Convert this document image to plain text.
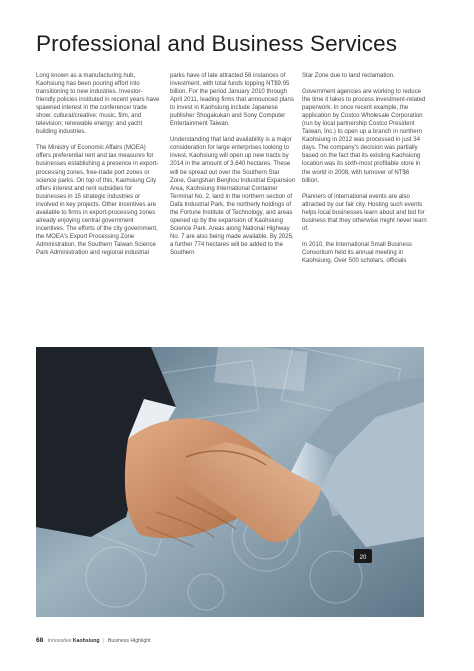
Professional and Business Services

Long known as a manufacturing hub, Kaohsiung has been pouring effort into transitioning to new industries. Investor-friendly policies instituted in recent years have spawned interest in the conference/ trade show; cultural/creative; music, film, and television; renewable energy; and yacht building industries.

The Ministry of Economic Affairs (MOEA) offers preferential rent and tax measures for businesses establishing a presence in export-processing zones, free-trade port zones or science parks. On top of this, Kaohsiung City offers interest and rent subsidies for businesses in 15 strategic industries or involved in key projects. Other incentives are available to firms in export-processing zones already enjoying central government incentives. The efforts of the city government, the MOEA's Export Processing Zone Administration, the Southern Taiwan Science Park Administration and regional industrial

parks have of late attracted 58 instances of investment, with total funds topping NT$9.95 billion. For the period January 2010 through April 2011, leading firms that announced plans to invest in Kaohsiung include Japanese publisher Shogakukan and Sony Computer Entertainment Taiwan.

Understanding that land availability is a major consideration for large enterprises looking to invest, Kaohsiung will open up new tracts by 2014 in the amount of 3,640 hectares. These will be spread out over the Southern Star Zone, Gangshan Benjhou Industrial Expansion Area, Kaohsiung International Container Terminal No. 2, land in the northern section of Dafa Industrial Park, the northerly holdings of the Fortune Institute of Technology, and areas opened up by the expansion of Kaohsiung Science Park. Areas along National Highway No. 7 are also being made available. By 2025, a further 774 hectares will be added to the Southern

Star Zone due to land reclamation.

Government agencies are working to reduce the time it takes to process investment-related paperwork. In once recent example, the application by Costco Wholesale Corporation (run by local partnership Costco President Taiwan, Inc.) to open up a branch in northern Kaohsiung in 2012 was processed in just 34 days. The company's decision was partially based on the fact that its existing Kaohsiung location was its sixth-most profitable store in the world in 2008, with turnover of NT$6 billion.

Planners of international events are also attracted by our fair city. Hosting such events helps local businesses learn about and bid for business that they otherwise might never learn of.

In 2010, the International Small Business Consortium held its annual meeting in Kaohsiung. Over 500 scholars, officials

20
68 Innovative Kaohsiung | Business Highlight
